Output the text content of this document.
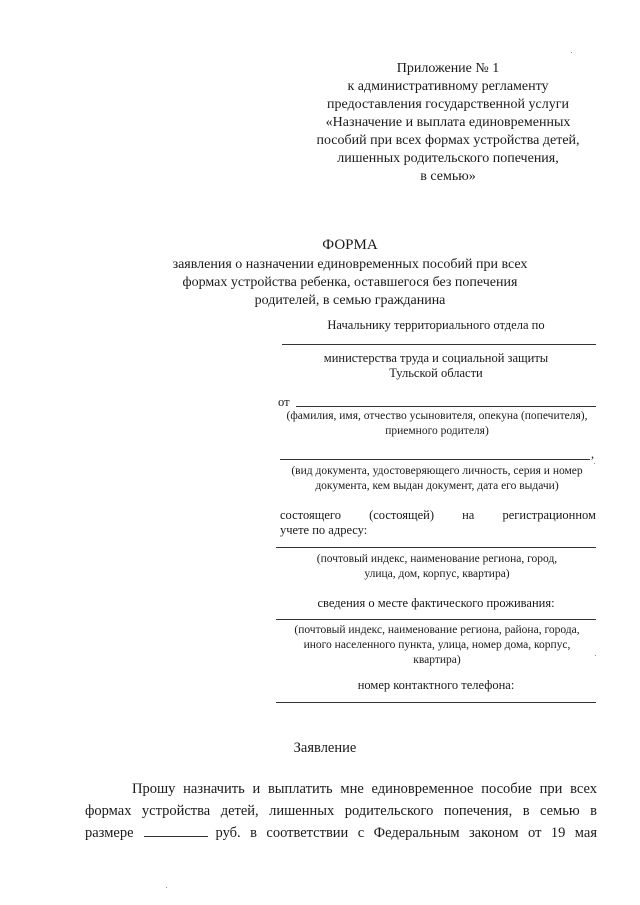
Приложение № 1
к административному регламенту
предоставления государственной услуги
«Назначение и выплата единовременных
пособий при всех формах устройства детей,
лишенных родительского попечения,
в семью»
ФОРМА
заявления о назначении единовременных пособий при всех
формах устройства ребенка, оставшегося без попечения
родителей, в семью гражданина
Начальнику территориального отдела по
министерства труда и социальной защиты
Тульской области
от
(фамилия, имя, отчество усыновителя, опекуна (попечителя),
приемного родителя)
,
(вид документа, удостоверяющего личность, серия и номер
документа, кем выдан документ, дата его выдачи)
состоящего (состоящей) на регистрационном
учете по адресу:
(почтовый индекс, наименование региона, город,
улица, дом, корпус, квартира)
сведения о месте фактического проживания:
(почтовый индекс, наименование региона, района, города,
иного населенного пункта, улица, номер дома, корпус,
квартира)
номер контактного телефона:
Заявление
Прошу назначить и выплатить мне единовременное пособие при всех
формах устройства детей, лишенных родительского попечения, в семью в
размере	руб. в соответствии с Федеральным законом от 19 мая
